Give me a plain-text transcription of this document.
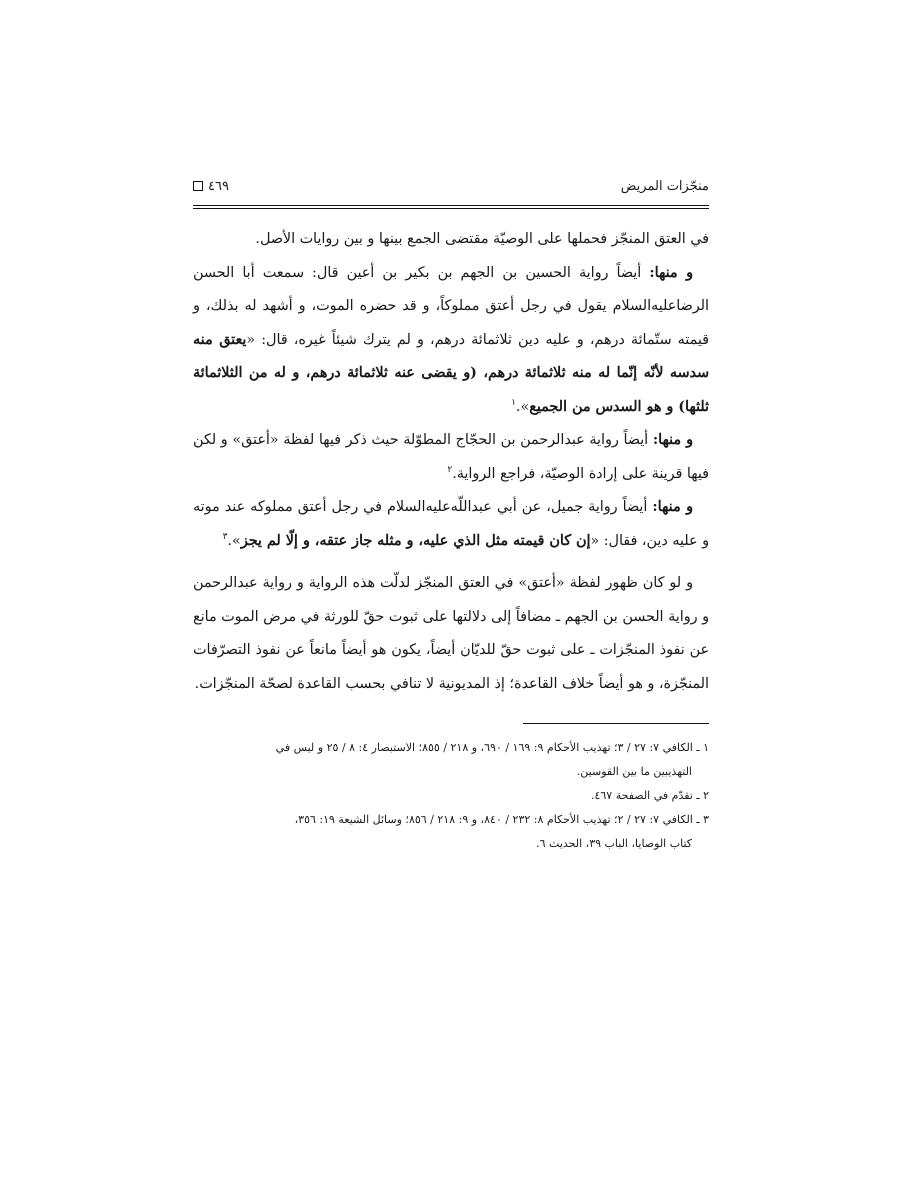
منجّزات المريض
٤٦٩

في العتق المنجّز فحملها على الوصيّة مقتضى الجمع بينها و بين روايات الأصل.

و منها: أيضاً رواية الحسين بن الجهم بن بكير بن أعين قال: سمعت أبا الحسن الرضاعليه‌السلام يقول في رجل أعتق مملوكاً، و قد حضره الموت، و أشهد له بذلك، و قيمته ستّمائة درهم، و عليه دين ثلاثمائة درهم، و لم يترك شيئاً غيره، قال: «يعتق منه سدسه لأنّه إنّما له منه ثلاثمائة درهم، (و يقضى عنه ثلاثمائة درهم، و له من الثلاثمائة ثلثها) و هو السدس من الجميع».$^١$

و منها: أيضاً رواية عبدالرحمن بن الحجّاج المطوّلة حيث ذكر فيها لفظة «أعتق» و لكن فيها قرينة على إرادة الوصيّة، فراجع الرواية.$^٢$

و منها: أيضاً رواية جميل، عن أبي عبداللّه‌عليه‌السلام في رجل أعتق مملوكه عند موته و عليه دين، فقال: «إن كان قيمته مثل الذي عليه، و مثله جاز عتقه، و إلّا لم يجز».$^٣$

و لو كان ظهور لفظة «أعتق» في العتق المنجّز لدلّت هذه الرواية و رواية عبدالرحمن و رواية الحسن بن الجهم ـ مضافاً إلى دلالتها على ثبوت حقّ للورثة في مرض الموت مانع عن نفوذ المنجّزات ـ على ثبوت حقّ للديّان أيضاً، يكون هو أيضاً مانعاً عن نفوذ التصرّفات المنجّزة، و هو أيضاً خلاف القاعدة؛ إذ المديونية لا تنافي بحسب القاعدة لصحّة المنجّزات.

١ ـ الكافي ٧: ٢٧ / ٣؛ تهذيب الأحكام ٩: ١٦٩ / ٦٩٠، و ٢١٨ / ٨٥٥؛ الاستبصار ٤: ٨ / ٢٥ و ليس في

التهذيبين ما بين القوسين.

٢ ـ تقدّم في الصفحة ٤٦٧.

٣ ـ الكافي ٧: ٢٧ / ٢؛ تهذيب الأحكام ٨: ٢٣٢ / ٨٤٠، و ٩: ٢١٨ / ٨٥٦؛ وسائل الشيعة ١٩: ٣٥٦،

كتاب الوصايا، الباب ٣٩، الحديث ٦.
